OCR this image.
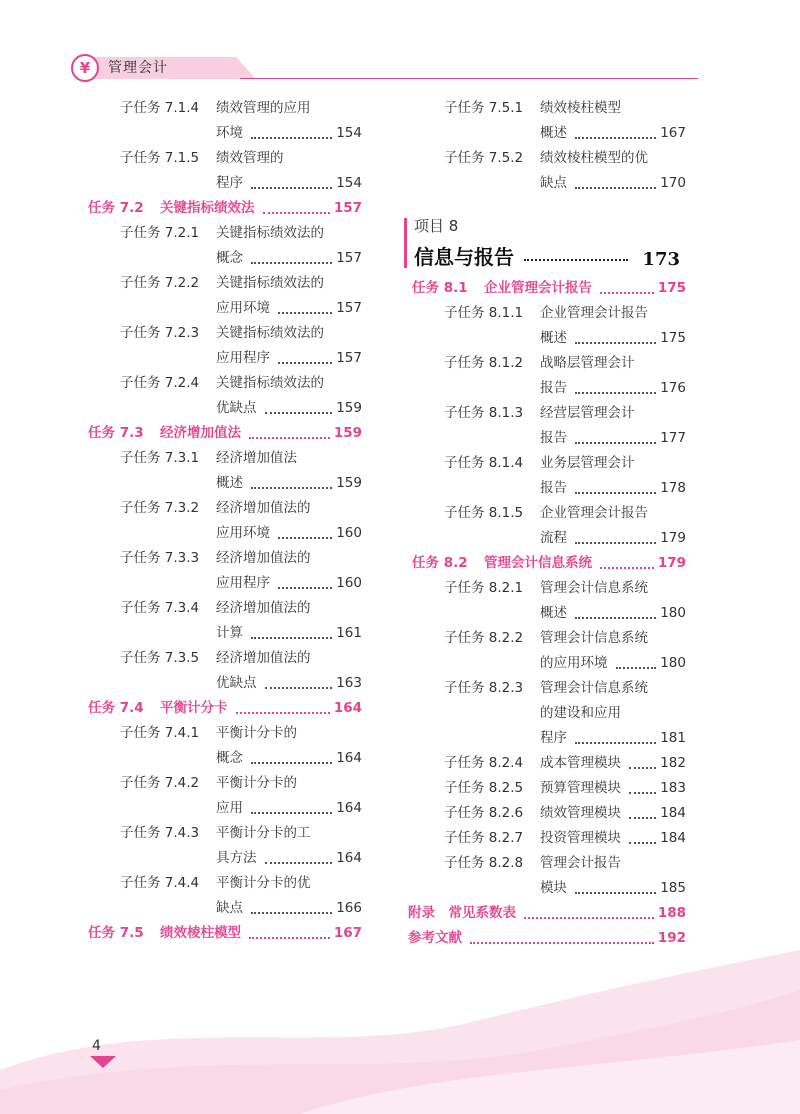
¥	管理会计
子任务 7.1.4	绩效管理的应用
环境	154
子任务 7.1.5	绩效管理的
程序	154
任务 7.2	关键指标绩效法	157
子任务 7.2.1	关键指标绩效法的
概念	157
子任务 7.2.2	关键指标绩效法的
应用环境	157
子任务 7.2.3	关键指标绩效法的
应用程序	157
子任务 7.2.4	关键指标绩效法的
优缺点	159
任务 7.3	经济增加值法	159
子任务 7.3.1	经济增加值法
概述	159
子任务 7.3.2	经济增加值法的
应用环境	160
子任务 7.3.3	经济增加值法的
应用程序	160
子任务 7.3.4	经济增加值法的
计算	161
子任务 7.3.5	经济增加值法的
优缺点	163
任务 7.4	平衡计分卡	164
子任务 7.4.1	平衡计分卡的
概念	164
子任务 7.4.2	平衡计分卡的
应用	164
子任务 7.4.3	平衡计分卡的工
具方法	164
子任务 7.4.4	平衡计分卡的优
缺点	166
任务 7.5	绩效棱柱模型	167
子任务 7.5.1	绩效棱柱模型
概述	167
子任务 7.5.2	绩效棱柱模型的优
缺点	170
项目 8
信息与报告	173
任务 8.1	企业管理会计报告	175
子任务 8.1.1	企业管理会计报告
概述	175
子任务 8.1.2	战略层管理会计
报告	176
子任务 8.1.3	经营层管理会计
报告	177
子任务 8.1.4	业务层管理会计
报告	178
子任务 8.1.5	企业管理会计报告
流程	179
任务 8.2	管理会计信息系统	179
子任务 8.2.1	管理会计信息系统
概述	180
子任务 8.2.2	管理会计信息系统
的应用环境	180
子任务 8.2.3	管理会计信息系统
的建设和应用
程序	181
子任务 8.2.4	成本管理模块	182
子任务 8.2.5	预算管理模块	183
子任务 8.2.6	绩效管理模块	184
子任务 8.2.7	投资管理模块	184
子任务 8.2.8	管理会计报告
模块	185
附录　常见系数表	188
参考文献	192
4
